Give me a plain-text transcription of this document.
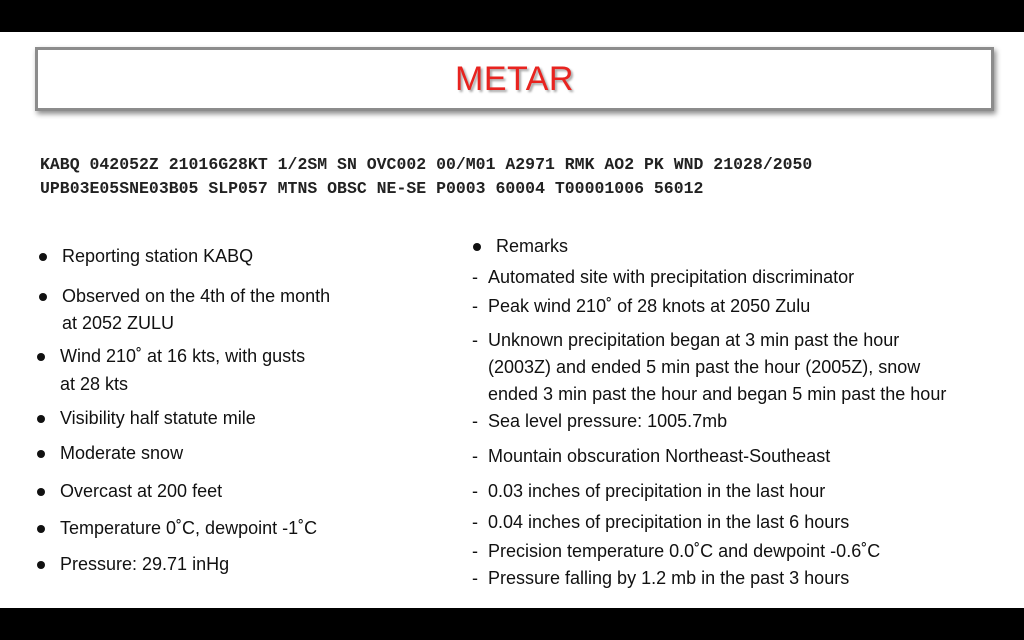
METAR
KABQ 042052Z 21016G28KT 1/2SM SN OVC002 00/M01 A2971 RMK AO2 PK WND 21028/2050
UPB03E05SNE03B05 SLP057 MTNS OBSC NE-SE P0003 60004 T00001006 56012
Reporting station KABQ
Observed on the 4th of the month
at 2052 ZULU
Wind 210˚ at 16 kts, with gusts
at 28 kts
Visibility half statute mile
Moderate snow
Overcast at 200 feet
Temperature 0˚C, dewpoint -1˚C
Pressure: 29.71 inHg
Remarks
- Automated site with precipitation discriminator
- Peak wind 210˚ of 28 knots at 2050 Zulu
- Unknown precipitation began at 3 min past the hour
(2003Z) and ended 5 min past the hour (2005Z), snow
ended 3 min past the hour and began 5 min past the hour
- Sea level pressure: 1005.7mb
- Mountain obscuration Northeast-Southeast
- 0.03 inches of precipitation in the last hour
- 0.04 inches of precipitation in the last 6 hours
- Precision temperature 0.0˚C and dewpoint -0.6˚C
- Pressure falling by 1.2 mb in the past 3 hours
